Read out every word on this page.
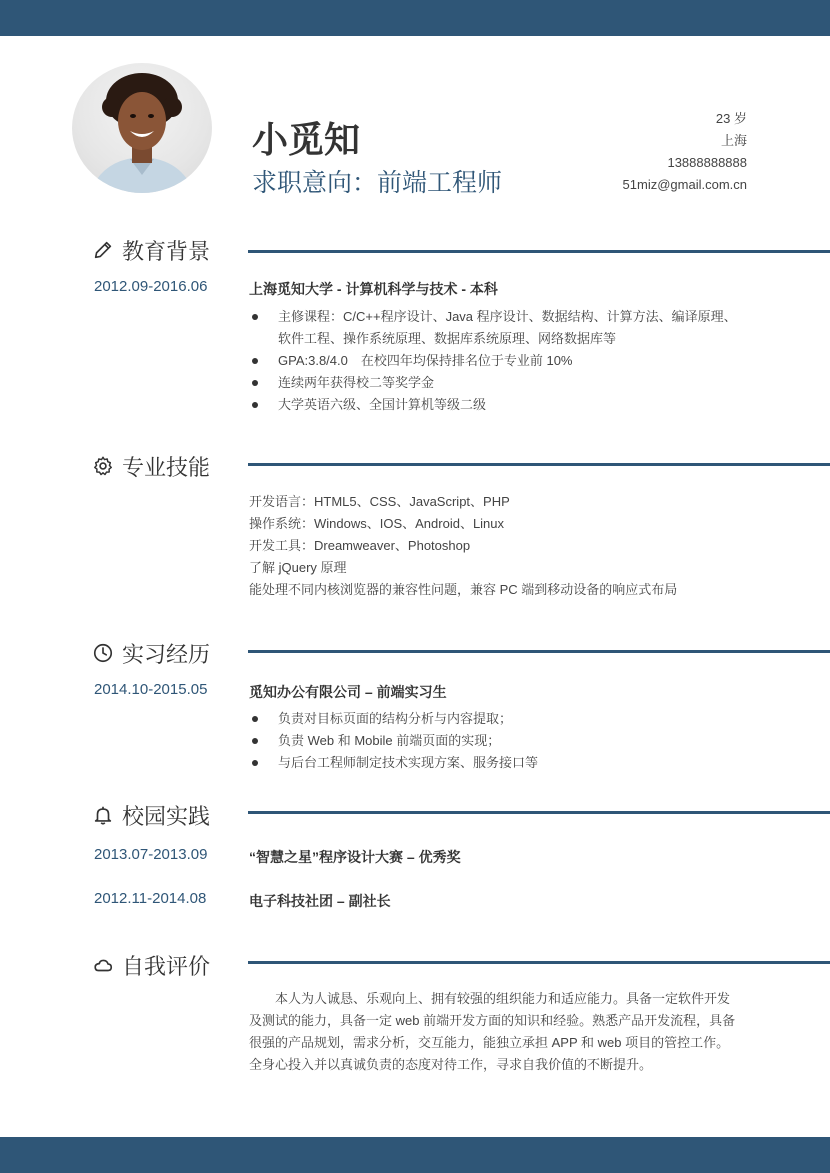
小觅知
求职意向：前端工程师
23 岁
上海
13888888888
51miz@gmail.com.cn
教育背景
2012.09-2016.06	上海觅知大学 - 计算机科学与技术 - 本科
主修课程：C/C++程序设计、Java 程序设计、数据结构、计算方法、编译原理、软件工程、操作系统原理、数据库系统原理、网络数据库等
GPA:3.8/4.0　在校四年均保持排名位于专业前 10%
连续两年获得校二等奖学金
大学英语六级、全国计算机等级二级
专业技能
开发语言：HTML5、CSS、JavaScript、PHP
操作系统：Windows、IOS、Android、Linux
开发工具：Dreamweaver、Photoshop
了解 jQuery 原理
能处理不同内核浏览器的兼容性问题，兼容 PC 端到移动设备的响应式布局
实习经历
2014.10-2015.05	觅知办公有限公司 – 前端实习生
负责对目标页面的结构分析与内容提取；
负责 Web 和 Mobile 前端页面的实现；
与后台工程师制定技术实现方案、服务接口等
校园实践
2013.07-2013.09	“智慧之星”程序设计大赛 – 优秀奖
2012.11-2014.08	电子科技社团 – 副社长
自我评价
本人为人诚恳、乐观向上、拥有较强的组织能力和适应能力。具备一定软件开发及测试的能力，具备一定 web 前端开发方面的知识和经验。熟悉产品开发流程，具备很强的产品规划，需求分析，交互能力，能独立承担 APP 和 web 项目的管控工作。全身心投入并以真诚负责的态度对待工作，寻求自我价值的不断提升。
